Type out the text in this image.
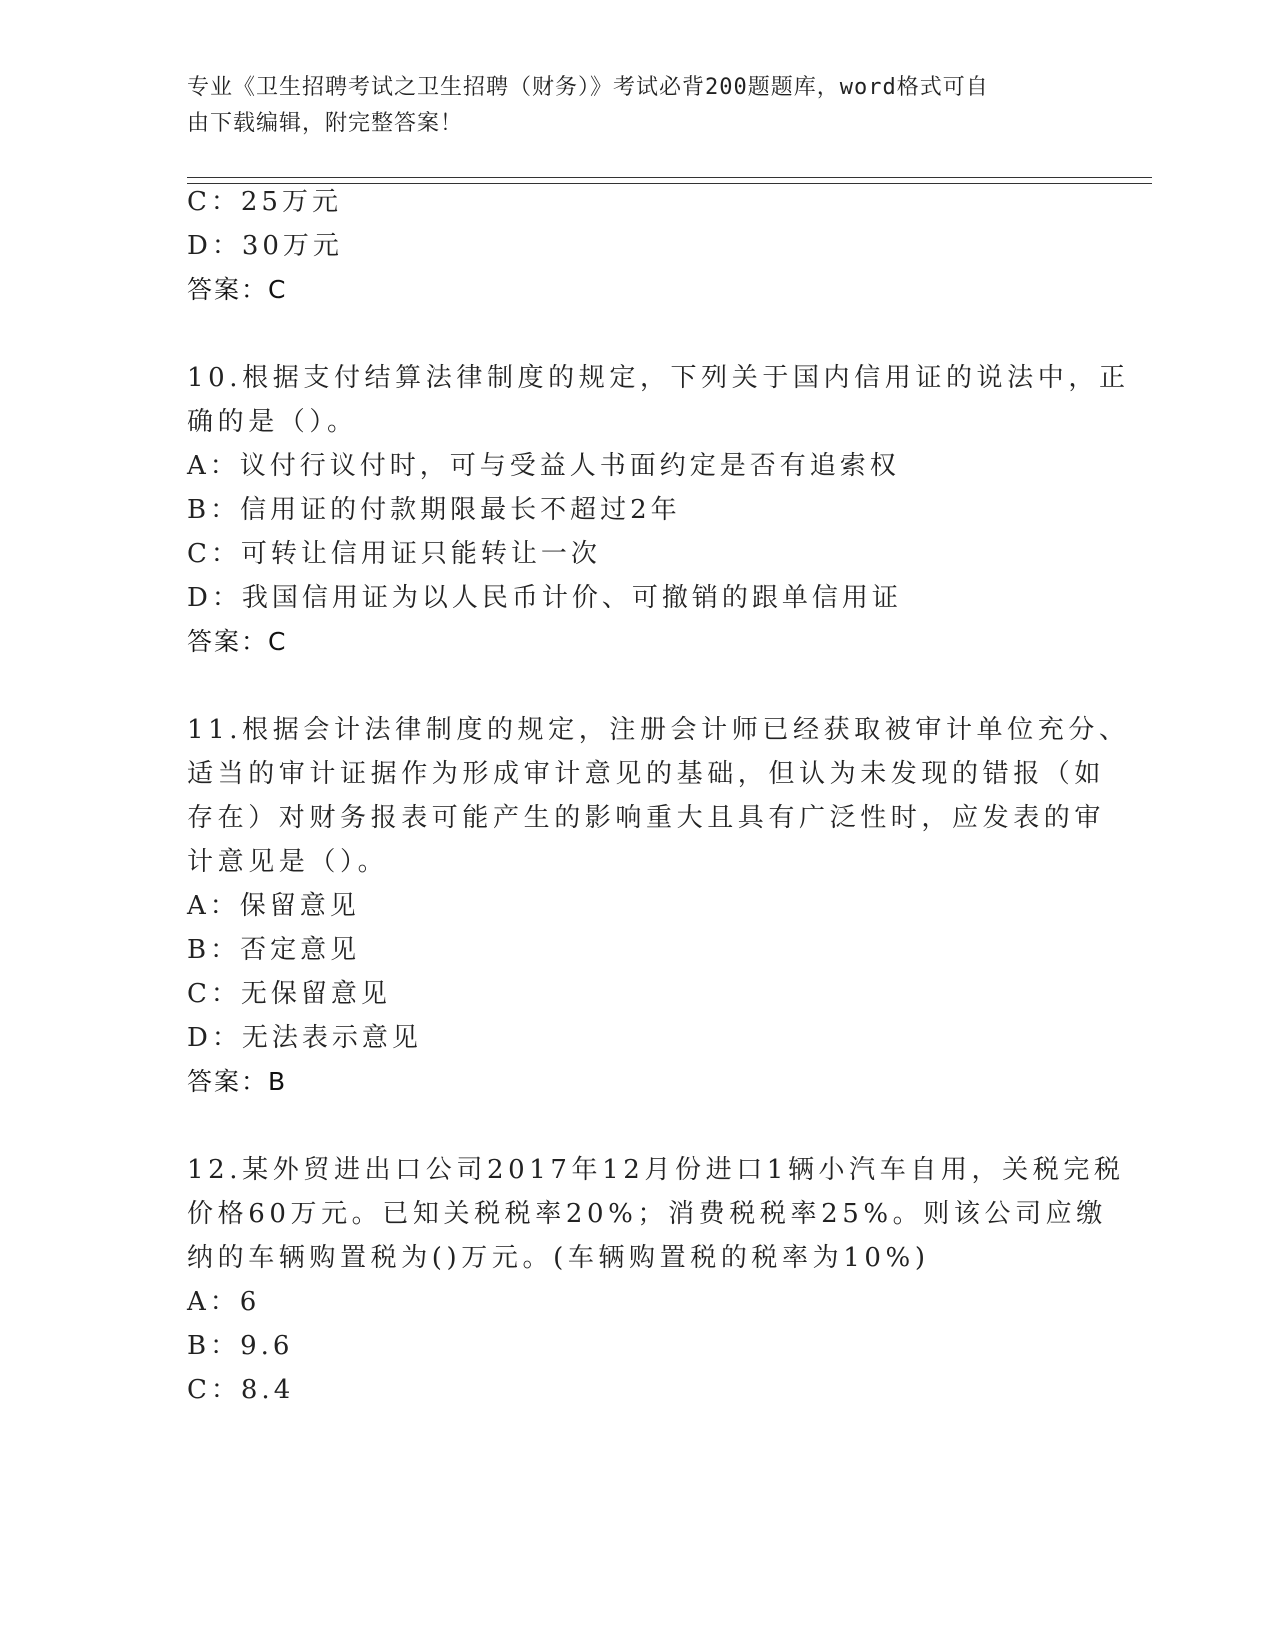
专业《卫生招聘考试之卫生招聘（财务）》考试必背200题题库，word格式可自
由下载编辑，附完整答案！
C：25万元
D：30万元
答案：C
10.根据支付结算法律制度的规定，下列关于国内信用证的说法中，正
确的是（）。
A：议付行议付时，可与受益人书面约定是否有追索权
B：信用证的付款期限最长不超过2年
C：可转让信用证只能转让一次
D：我国信用证为以人民币计价、可撤销的跟单信用证
答案：C
11.根据会计法律制度的规定，注册会计师已经获取被审计单位充分、
适当的审计证据作为形成审计意见的基础，但认为未发现的错报（如
存在）对财务报表可能产生的影响重大且具有广泛性时，应发表的审
计意见是（）。
A：保留意见
B：否定意见
C：无保留意见
D：无法表示意见
答案：B
12.某外贸进出口公司2017年12月份进口1辆小汽车自用，关税完税
价格60万元。已知关税税率20%；消费税税率25%。则该公司应缴
纳的车辆购置税为()万元。(车辆购置税的税率为10%)
A：6
B：9.6
C：8.4
